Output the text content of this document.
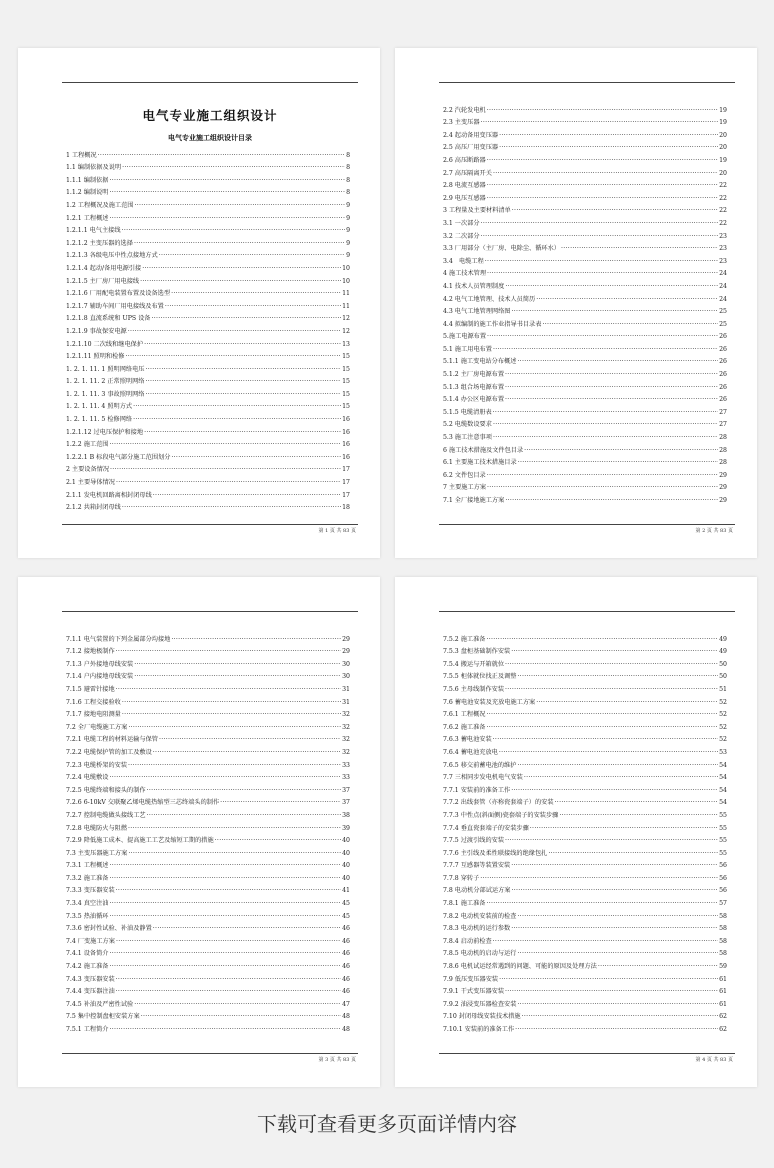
电气专业施工组织设计
电气专业施工组织设计目录
1 工程概况 ·····	8
1.1 编制依据及说明 ·····	8
1.1.1 编制依据 ·····	8
1.1.2 编制说明 ·····	8
1.2 工程概况及施工范围 ·····	9
1.2.1 工程概述 ·····	9
1.2.1.1 电气主接线 ·····	9
1.2.1.2 主变压器的选择 ·····	9
1.2.1.3 各级电压中性点接地方式 ·····	9
1.2.1.4 起动/备用电源引接 ·····	10
1.2.1.5 主厂房厂用电接线 ·····	10
1.2.1.6 厂用配电装置布置及设备选型 ·····	11
1.2.1.7 辅助车间厂用电接线及布置 ·····	11
1.2.1.8 直流系统和 UPS 设备 ·····	12
1.2.1.9 事故保安电源 ·····	12
1.2.1.10 二次线和继电保护 ·····	13
1.2.1.11 照明和检修 ·····	15
1. 2. 1. 11. 1 照明网络电压 ·····	15
1. 2. 1. 11. 2 正常照明网络 ·····	15
1. 2. 1. 11. 3 事故照明网络 ·····	15
1. 2. 1. 11. 4 照明方式 ·····	15
1. 2. 1. 11. 5 检修网络 ·····	16
1.2.1.12 过电压保护和接地 ·····	16
1.2.2 施工范围 ·····	16
1.2.2.1 B 标段电气部分施工范围划分 ·····	16
2 主要设备情况 ·····	17
2.1 主要导体情况 ·····	17
2.1.1 发电机回路离相封闭母线 ·····	17
2.1.2 共箱封闭母线 ·····	18
第 1 页 共 83 页
2.2 汽轮发电机 ·····	19
2.3 主变压器 ·····	19
2.4 起动备用变压器 ·····	20
2.5 高压厂用变压器 ·····	20
2.6 高压断路器 ·····	19
2.7 高压隔离开关 ·····	20
2.8 电流互感器 ·····	22
2.9 电压互感器 ·····	22
3 工程量及主要材料清单 ·····	22
3.1 一次部分 ·····	22
3.2 二次部分 ·····	23
3.3 厂用部分（主厂房、电除尘、循环水） ·····	23
3.4　电缆工程 ·····	23
4 施工技术管理 ·····	24
4.1 技术人员管理制度 ·····	24
4.2 电气工地管理、技术人员简历 ·····	24
4.3 电气工地管理网络图 ·····	25
4.4 拟编制的施工作业指导书目录表 ·····	25
5.施工电源布置 ·····	26
5.1 施工用电布置 ·····	26
5.1.1 施工变电站分布概述 ·····	26
5.1.2 主厂房电源布置 ·····	26
5.1.3 组合场电源布置 ·····	26
5.1.4 办公区电源布置 ·····	26
5.1.5 电缆清册表 ·····	27
5.2 电缆数设要求 ·····	27
5.3 施工注意事项 ·····	28
6 施工技术措施及文件包目录 ·····	28
6.1 主要施工技术措施目录 ·····	28
6.2 文件包目录 ·····	29
7 主要施工方案 ·····	29
7.1 全厂接地施工方案 ·····	29
第 2 页 共 83 页
7.1.1 电气装置的下列金属部分均接地 ·····	29
7.1.2 接地极制作 ·····	29
7.1.3 户外接地母线安装 ·····	30
7.1.4 户内接地母线安装 ·····	30
7.1.5 避雷针接地 ·····	31
7.1.6 工程交接验收 ·····	31
7.1.7 接地电阻测量 ·····	32
7.2 全厂电缆施工方案 ·····	32
7.2.1 电缆工程的材料运输与保管 ·····	32
7.2.2 电缆保护管的加工及敷设 ·····	32
7.2.3 电缆桥架的安装 ·····	33
7.2.4 电缆敷设 ·····	33
7.2.5 电缆终端和接头的制作 ·····	37
7.2.6 6-10kV 交联聚乙烯电缆热缩型三芯终端头的制作 ·····	37
7.2.7 控制电缆做头接线工艺 ·····	38
7.2.8 电缆防火与阻燃 ·····	39
7.2.9 降低施工成本、提高施工工艺及缩短工期的措施 ·····	40
7.3 主变压器施工方案 ·····	40
7.3.1 工程概述 ·····	40
7.3.2 施工准备 ·····	40
7.3.3 变压器安装 ·····	41
7.3.4 真空注油 ·····	45
7.3.5 热油循环 ·····	45
7.3.6 密封性试验、补油及静置 ·····	46
7.4 厂变施工方案 ·····	46
7.4.1 设备简介 ·····	46
7.4.2 施工准备 ·····	46
7.4.3 变压器安装 ·····	46
7.4.4 变压器注油 ·····	46
7.4.5 补油及严密性试验 ·····	47
7.5 集中控制盘柜安装方案 ·····	48
7.5.1 工程简介 ·····	48
第 3 页 共 83 页
7.5.2 施工准备 ·····	49
7.5.3 盘柜基础制作安装 ·····	49
7.5.4 搬运与开箱就位 ·····	50
7.5.5 柜体就位找正及调整 ·····	50
7.5.6 主母线制作安装 ·····	51
7.6 蓄电池安装及充放电施工方案 ·····	52
7.6.1 工程概况 ·····	52
7.6.2 施工准备 ·····	52
7.6.3 蓄电池安装 ·····	52
7.6.4 蓄电池充放电 ·····	53
7.6.5 移交前蓄电池的维护 ·····	54
7.7 三相同步发电机电气安装 ·····	54
7.7.1 安装前的准备工作 ·····	54
7.7.2 出线套管（亦称瓷套端子）的安装 ·····	54
7.7.3 中性点(斜面侧)瓷套端子的安装步骤 ·····	55
7.7.4 垂直瓷套端子的安装步骤 ·····	55
7.7.5 过渡引线的安装 ·····	55
7.7.6 主引线及柔性联接线的绝缘包扎 ·····	55
7.7.7 互感器等装置安装 ·····	56
7.7.8 穿转子 ·····	56
7.8 电动机分部试运方案 ·····	56
7.8.1 施工准备 ·····	57
7.8.2 电动机安装前的检查 ·····	58
7.8.3 电动机的运行参数 ·····	58
7.8.4 启动前检查 ·····	58
7.8.5 电动机的启动与运行 ·····	58
7.8.6 电机试运经常遇到的问题、可能的原因及处理方法 ·····	59
7.9 低压变压器安装 ·····	61
7.9.1 干式变压器安装 ·····	61
7.9.2 油浸变压器检查安装 ·····	61
7.10 封闭母线安装技术措施 ·····	62
7.10.1 安装前的准备工作 ·····	62
第 4 页 共 83 页
下载可查看更多页面详情内容
